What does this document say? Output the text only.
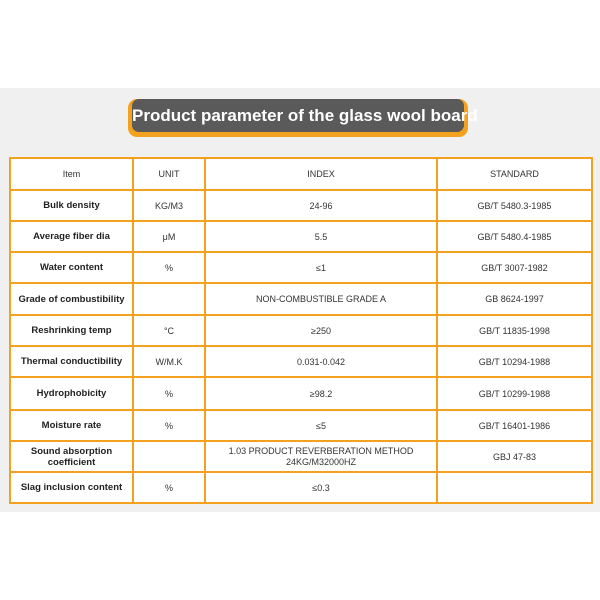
Product parameter of the glass wool board
Item	UNIT	INDEX	STANDARD
Bulk density	KG/M3	24-96	GB/T 5480.3-1985
Average fiber dia	μM	5.5	GB/T 5480.4-1985
Water content	%	≤1	GB/T 3007-1982
Grade of combustibility		NON-COMBUSTIBLE GRADE A	GB 8624-1997
Reshrinking temp	°C	≥250	GB/T 11835-1998
Thermal conductibility	W/M.K	0.031-0.042	GB/T 10294-1988
Hydrophobicity	%	≥98.2	GB/T 10299-1988
Moisture rate	%	≤5	GB/T 16401-1986
Sound absorption coefficient		1.03 PRODUCT REVERBERATION METHOD 24KG/M32000HZ	GBJ 47-83
Slag inclusion content	%	≤0.3	
